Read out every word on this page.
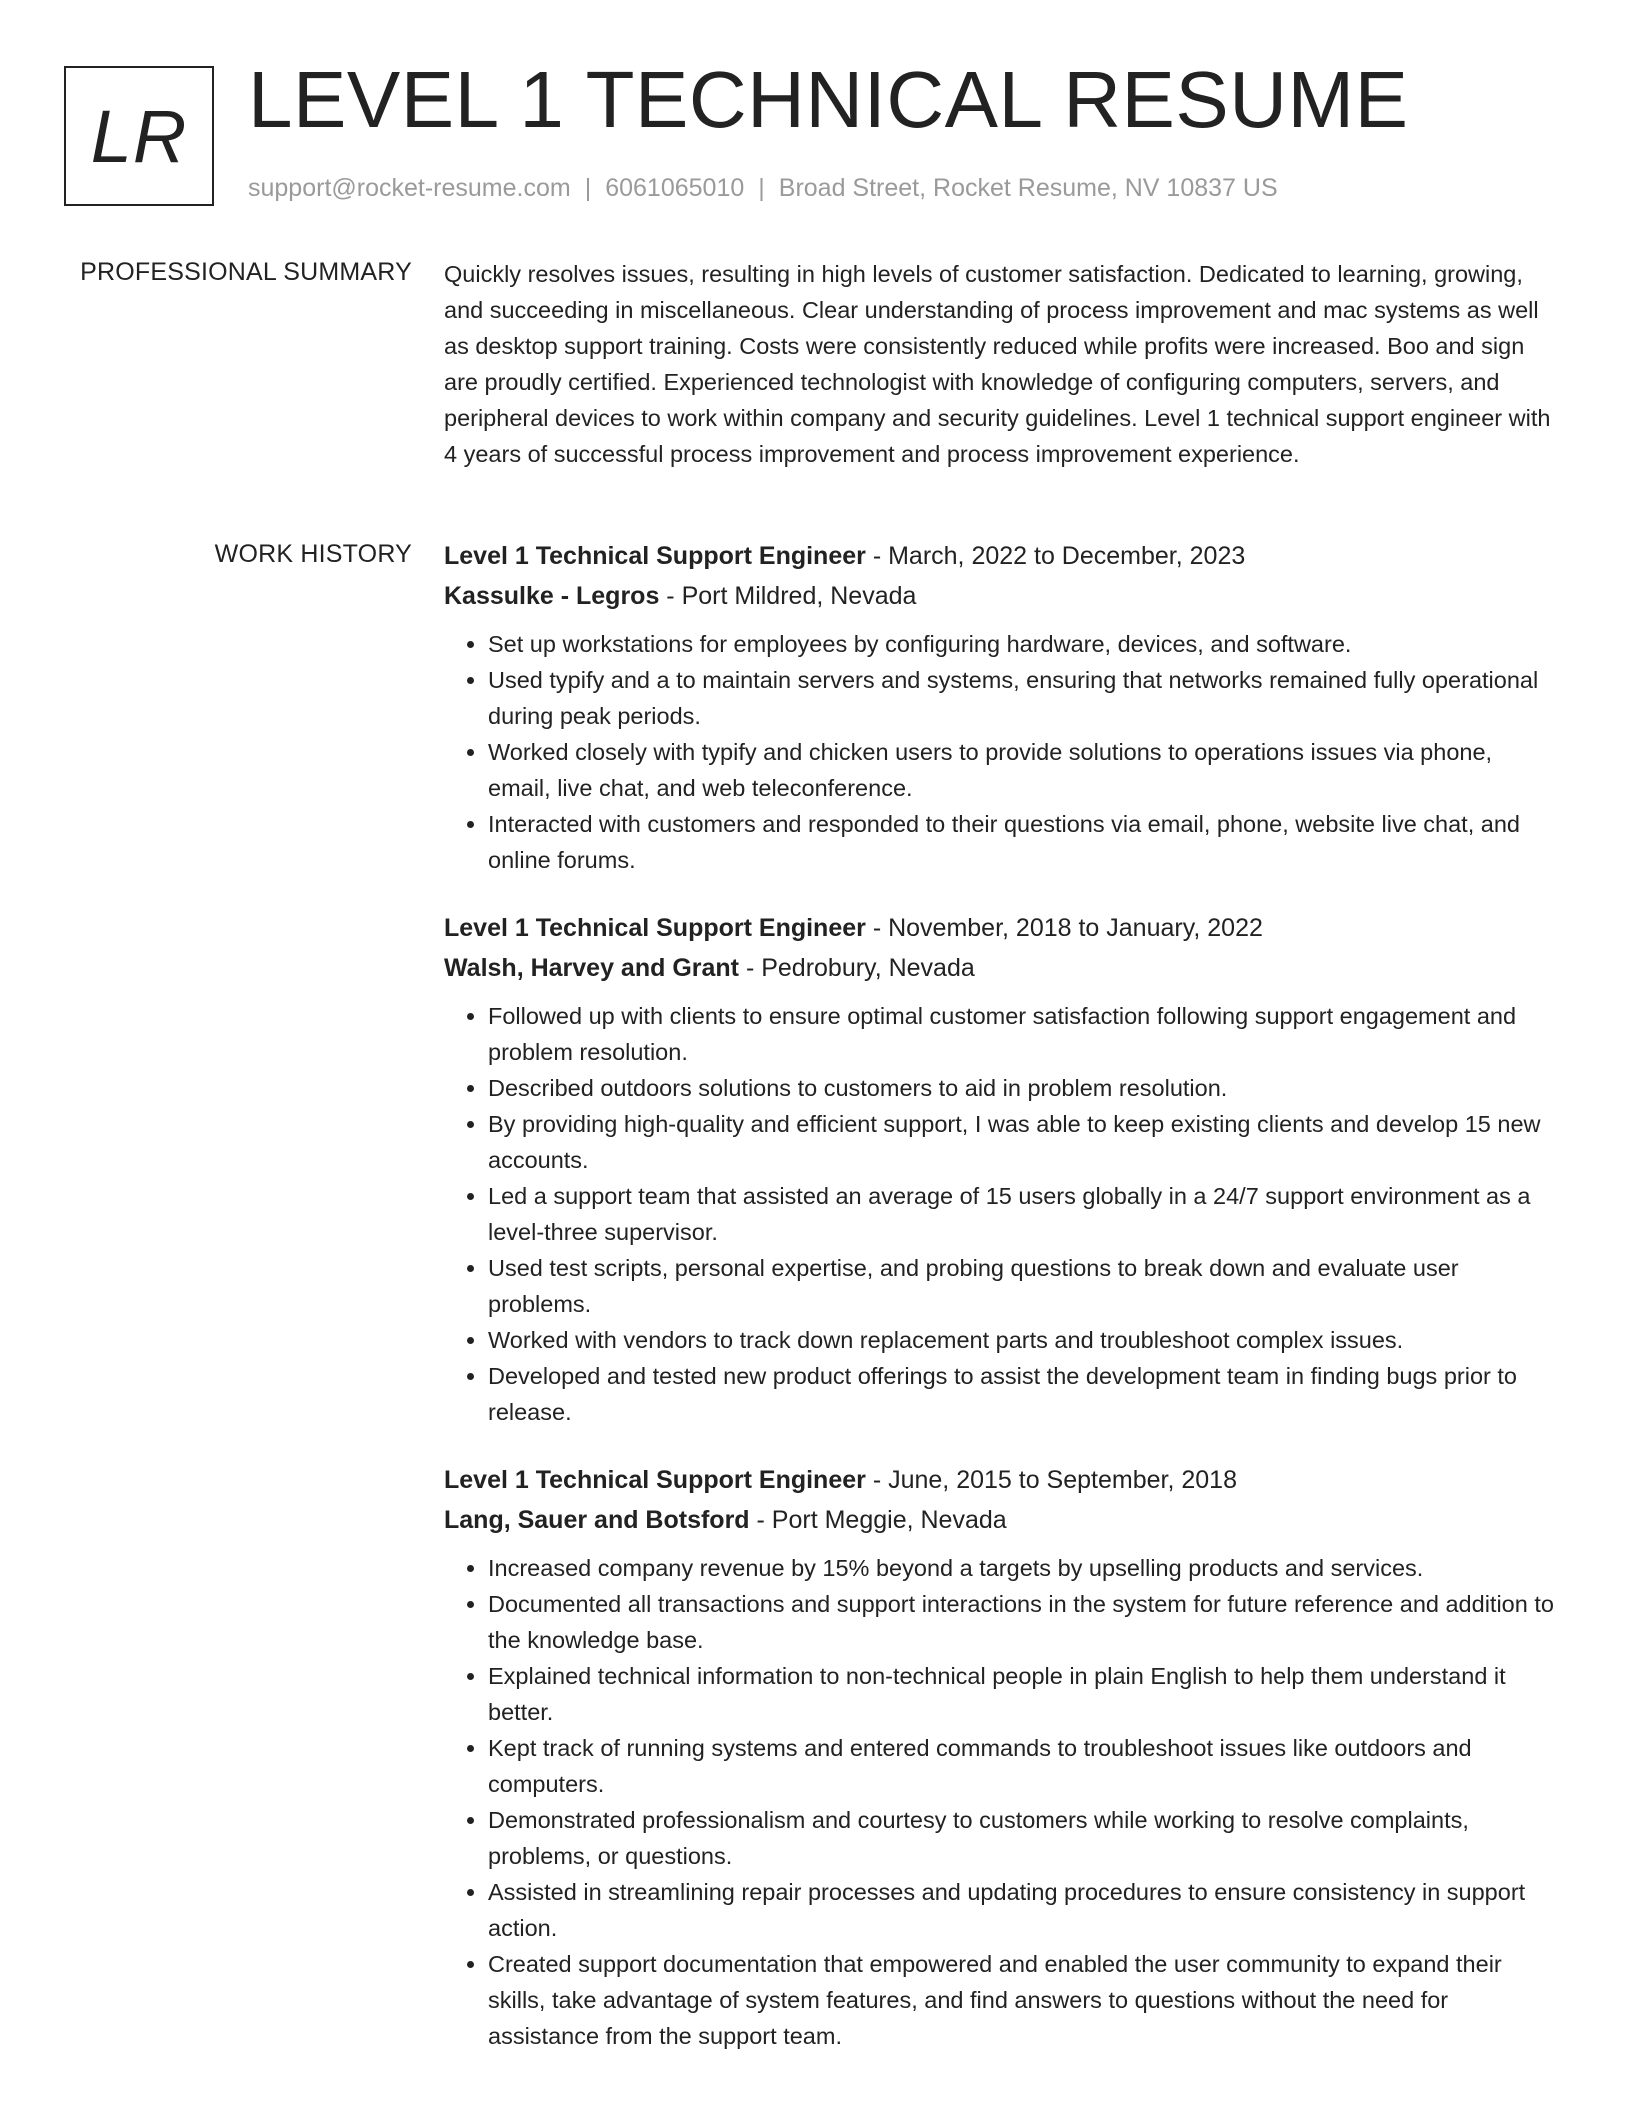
LR LEVEL 1 TECHNICAL RESUME
support@rocket-resume.com | 6061065010 | Broad Street, Rocket Resume, NV 10837 US
PROFESSIONAL SUMMARY Quickly resolves issues, resulting in high levels of customer satisfaction. Dedicated to learning, growing, and succeeding in miscellaneous. Clear understanding of process improvement and mac systems as well as desktop support training. Costs were consistently reduced while profits were increased. Boo and sign are proudly certified. Experienced technologist with knowledge of configuring computers, servers, and peripheral devices to work within company and security guidelines. Level 1 technical support engineer with 4 years of successful process improvement and process improvement experience.

WORK HISTORY Level 1 Technical Support Engineer - March, 2022 to December, 2023
Kassulke - Legros - Port Mildred, Nevada
• Set up workstations for employees by configuring hardware, devices, and software.
• Used typify and a to maintain servers and systems, ensuring that networks remained fully operational during peak periods.
• Worked closely with typify and chicken users to provide solutions to operations issues via phone, email, live chat, and web teleconference.
• Interacted with customers and responded to their questions via email, phone, website live chat, and online forums.
Level 1 Technical Support Engineer - November, 2018 to January, 2022
Walsh, Harvey and Grant - Pedrobury, Nevada
• Followed up with clients to ensure optimal customer satisfaction following support engagement and problem resolution.
• Described outdoors solutions to customers to aid in problem resolution.
• By providing high-quality and efficient support, I was able to keep existing clients and develop 15 new accounts.
• Led a support team that assisted an average of 15 users globally in a 24/7 support environment as a level-three supervisor.
• Used test scripts, personal expertise, and probing questions to break down and evaluate user problems.
• Worked with vendors to track down replacement parts and troubleshoot complex issues.
• Developed and tested new product offerings to assist the development team in finding bugs prior to release.
Level 1 Technical Support Engineer - June, 2015 to September, 2018
Lang, Sauer and Botsford - Port Meggie, Nevada
• Increased company revenue by 15% beyond a targets by upselling products and services.
• Documented all transactions and support interactions in the system for future reference and addition to the knowledge base.
• Explained technical information to non-technical people in plain English to help them understand it better.
• Kept track of running systems and entered commands to troubleshoot issues like outdoors and computers.
• Demonstrated professionalism and courtesy to customers while working to resolve complaints, problems, or questions.
• Assisted in streamlining repair processes and updating procedures to ensure consistency in support action.
• Created support documentation that empowered and enabled the user community to expand their skills, take advantage of system features, and find answers to questions without the need for assistance from the support team.
